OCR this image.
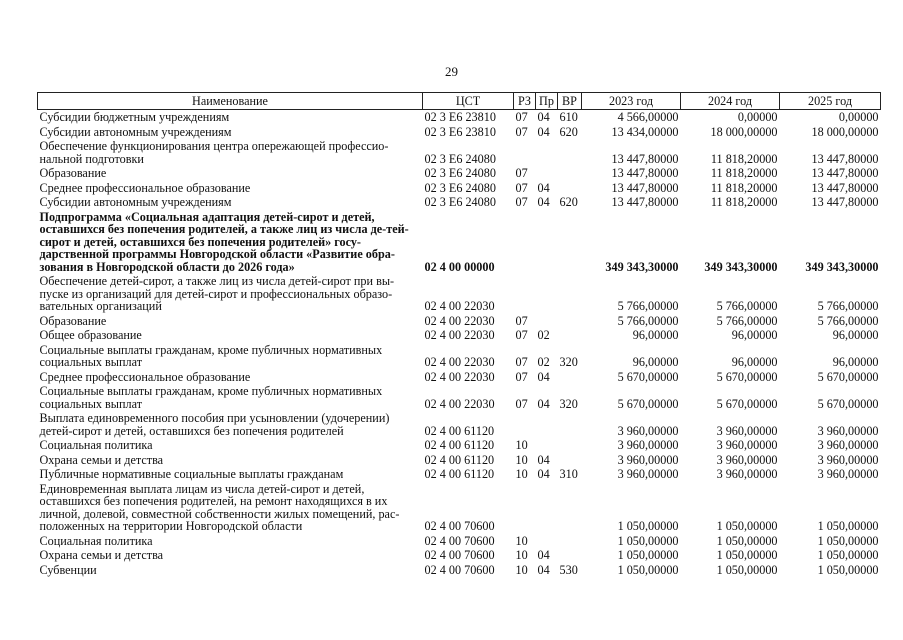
29
Наименование	ЦСТ	РЗ	Пр	ВР	2023 год	2024 год	2025 год
Субсидии бюджетным учреждениям	02 3 E6 23810	07	04	610	4 566,00000	0,00000	0,00000
Субсидии автономным учреждениям	02 3 E6 23810	07	04	620	13 434,00000	18 000,00000	18 000,00000
Обеспечение функционирования центра опережающей профессио-нальной подготовки	02 3 E6 24080				13 447,80000	11 818,20000	13 447,80000
Образование	02 3 E6 24080	07			13 447,80000	11 818,20000	13 447,80000
Среднее профессиональное образование	02 3 E6 24080	07	04		13 447,80000	11 818,20000	13 447,80000
Субсидии автономным учреждениям	02 3 E6 24080	07	04	620	13 447,80000	11 818,20000	13 447,80000
Подпрограмма «Социальная адаптация детей-сирот и детей, оставшихся без попечения родителей, а также лиц из числа де-тей-сирот и детей, оставшихся без попечения родителей» госу-дарственной программы Новгородской области «Развитие обра-зования в Новгородской области до 2026 года»	02 4 00 00000				349 343,30000	349 343,30000	349 343,30000
Обеспечение детей-сирот, а также лиц из числа детей-сирот при вы-пуске из организаций для детей-сирот и профессиональных образо-вательных организаций	02 4 00 22030				5 766,00000	5 766,00000	5 766,00000
Образование	02 4 00 22030	07			5 766,00000	5 766,00000	5 766,00000
Общее образование	02 4 00 22030	07	02		96,00000	96,00000	96,00000
Социальные выплаты гражданам, кроме публичных нормативных социальных выплат	02 4 00 22030	07	02	320	96,00000	96,00000	96,00000
Среднее профессиональное образование	02 4 00 22030	07	04		5 670,00000	5 670,00000	5 670,00000
Социальные выплаты гражданам, кроме публичных нормативных социальных выплат	02 4 00 22030	07	04	320	5 670,00000	5 670,00000	5 670,00000
Выплата единовременного пособия при усыновлении (удочерении) детей-сирот и детей, оставшихся без попечения родителей	02 4 00 61120				3 960,00000	3 960,00000	3 960,00000
Социальная политика	02 4 00 61120	10			3 960,00000	3 960,00000	3 960,00000
Охрана семьи и детства	02 4 00 61120	10	04		3 960,00000	3 960,00000	3 960,00000
Публичные нормативные социальные выплаты гражданам	02 4 00 61120	10	04	310	3 960,00000	3 960,00000	3 960,00000
Единовременная выплата лицам из числа детей-сирот и детей, оставшихся без попечения родителей, на ремонт находящихся в их личной, долевой, совместной собственности жилых помещений, рас-положенных на территории Новгородской области	02 4 00 70600				1 050,00000	1 050,00000	1 050,00000
Социальная политика	02 4 00 70600	10			1 050,00000	1 050,00000	1 050,00000
Охрана семьи и детства	02 4 00 70600	10	04		1 050,00000	1 050,00000	1 050,00000
Субвенции	02 4 00 70600	10	04	530	1 050,00000	1 050,00000	1 050,00000
